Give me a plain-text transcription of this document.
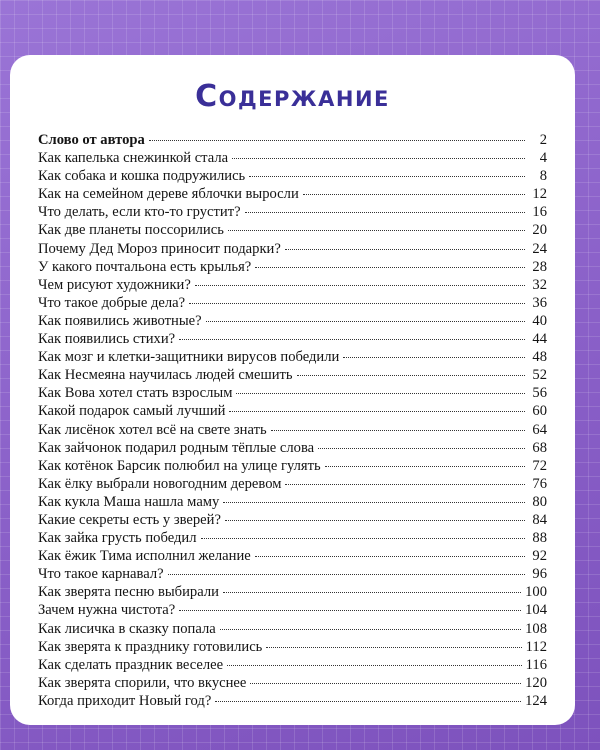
Содержание
Слово от автора	2
Как капелька снежинкой стала	4
Как собака и кошка подружились	8
Как на семейном дереве яблочки выросли	12
Что делать, если кто-то грустит?	16
Как две планеты поссорились	20
Почему Дед Мороз приносит подарки?	24
У какого почтальона есть крылья?	28
Чем рисуют художники?	32
Что такое добрые дела?	36
Как появились животные?	40
Как появились стихи?	44
Как мозг и клетки-защитники вирусов победили	48
Как Несмеяна научилась людей смешить	52
Как Вова хотел стать взрослым	56
Какой подарок самый лучший	60
Как лисёнок хотел всё на свете знать	64
Как зайчонок подарил родным тёплые слова	68
Как котёнок Барсик полюбил на улице гулять	72
Как ёлку выбрали новогодним деревом	76
Как кукла Маша нашла маму	80
Какие секреты есть у зверей?	84
Как зайка грусть победил	88
Как ёжик Тима исполнил желание	92
Что такое карнавал?	96
Как зверята песню выбирали	100
Зачем нужна чистота?	104
Как лисичка в сказку попала	108
Как зверята к празднику готовились	112
Как сделать праздник веселее	116
Как зверята спорили, что вкуснее	120
Когда приходит Новый год?	124
